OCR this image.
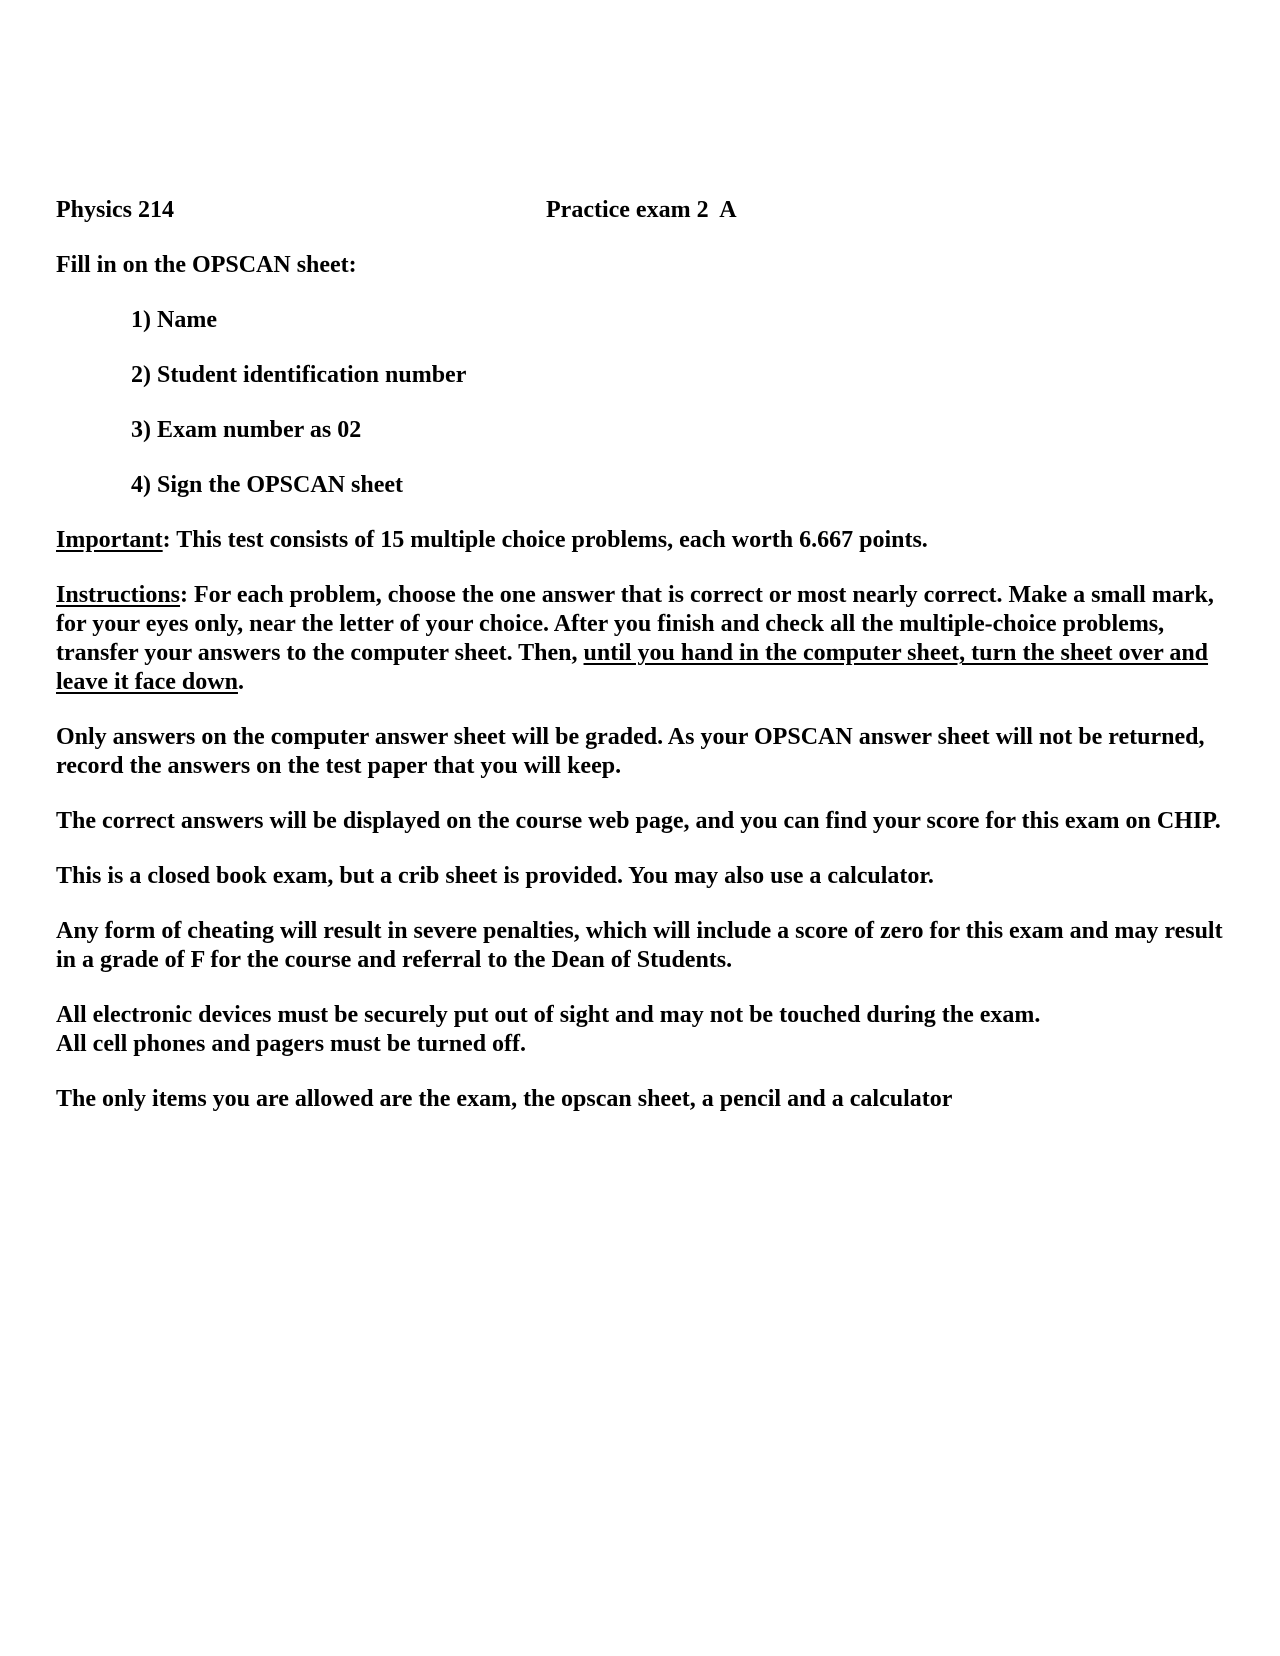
Physics 214	Practice exam 2  A
Fill in on the OPSCAN sheet:
1) Name
2) Student identification number
3) Exam number as 02
4) Sign the OPSCAN sheet

Important: This test consists of 15 multiple choice problems, each worth 6.667 points.

Instructions: For each problem, choose the one answer that is correct or most nearly correct. Make a small mark, for your eyes only, near the letter of your choice. After you finish and check all the multiple-choice problems, transfer your answers to the computer sheet. Then, until you hand in the computer sheet, turn the sheet over and leave it face down.

Only answers on the computer answer sheet will be graded. As your OPSCAN answer sheet will not be returned, record the answers on the test paper that you will keep.

The correct answers will be displayed on the course web page, and you can find your score for this exam on CHIP.

This is a closed book exam, but a crib sheet is provided. You may also use a calculator.

Any form of cheating will result in severe penalties, which will include a score of zero for this exam and may result in a grade of F for the course and referral to the Dean of Students.

All electronic devices must be securely put out of sight and may not be touched during the exam.
All cell phones and pagers must be turned off.

The only items you are allowed are the exam, the opscan sheet, a pencil and a calculator
